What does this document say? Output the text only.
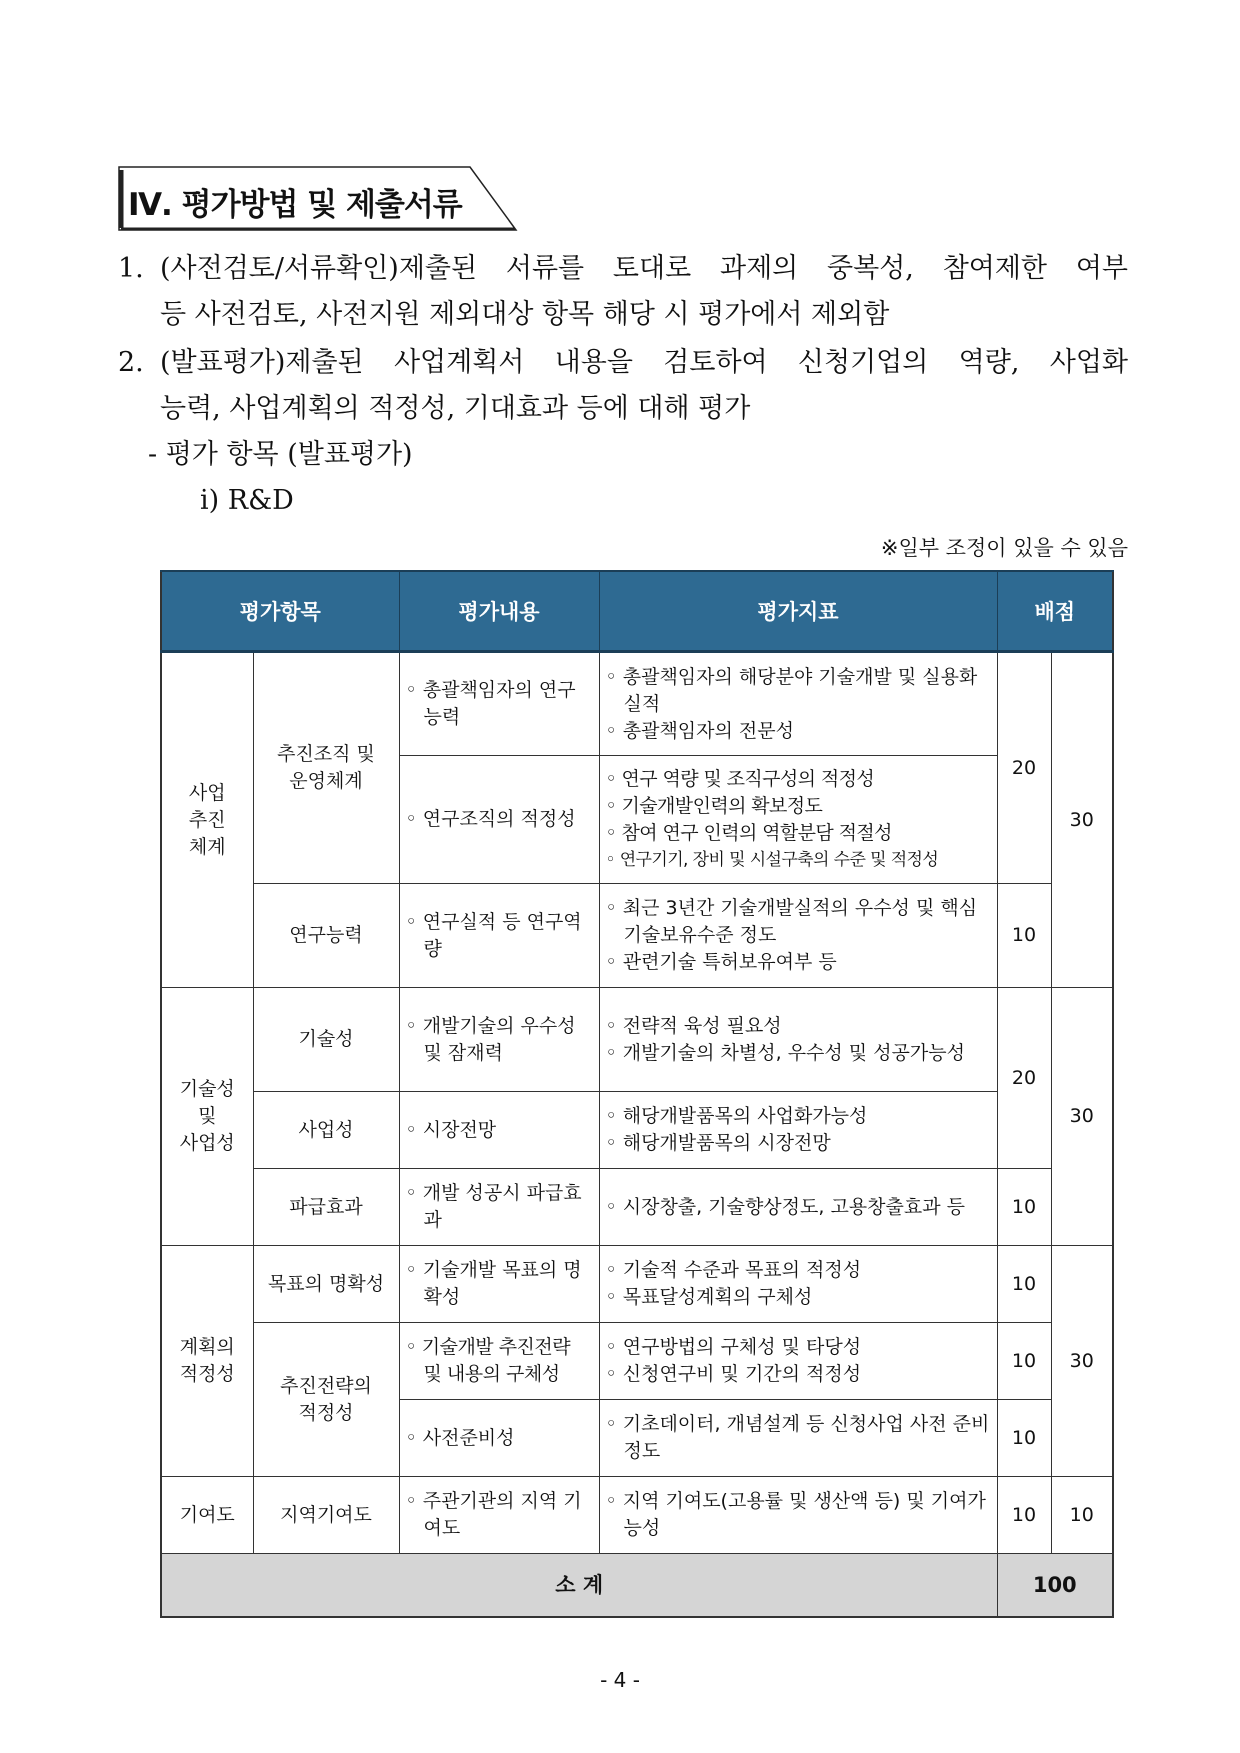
Ⅳ. 평가방법 및 제출서류
1. (사전검토/서류확인)제출된 서류를 토대로 과제의 중복성, 참여제한 여부
등 사전검토, 사전지원 제외대상 항목 해당 시 평가에서 제외함
2. (발표평가)제출된 사업계획서 내용을 검토하여 신청기업의 역량, 사업화
능력, 사업계획의 적정성, 기대효과 등에 대해 평가
- 평가 항목 (발표평가)
ⅰ) R&D
※일부 조정이 있을 수 있음
평가항목		평가내용	평가지표	배점	

사업
추진
체계	추진조직 및
운영체계	◦ 총괄책임자의 연구능력	◦ 총괄책임자의 해당분야 기술개발 및 실용화실적
◦ 총괄책임자의 전문성	20	30

		◦ 연구조직의 적정성	◦ 연구 역량 및 조직구성의 적정성
◦ 기술개발인력의 확보정도
◦ 참여 연구 인력의 역할분담 적절성
◦ 연구기기, 장비 및 시설구축의 수준 및 적정성

	연구능력	◦ 연구실적 등 연구역량	◦ 최근 3년간 기술개발실적의 우수성 및 핵심기술보유수준 정도
◦ 관련기술 특허보유여부 등	10	

기술성
및
사업성	기술성	◦ 개발기술의 우수성 및 잠재력	◦ 전략적 육성 필요성
◦ 개발기술의 차별성, 우수성 및 성공가능성	20	30
	사업성	◦ 시장전망	◦ 해당개발품목의 사업화가능성
◦ 해당개발품목의 시장전망

	파급효과	◦ 개발 성공시 파급효과	◦ 시장창출, 기술향상정도, 고용창출효과 등	10	

계획의
적정성	목표의 명확성	◦ 기술개발 목표의 명확성	◦ 기술적 수준과 목표의 적정성
◦ 목표달성계획의 구체성	10	30

	추진전략의
적정성	◦ 기술개발 추진전략 및 내용의 구체성	◦ 연구방법의 구체성 및 타당성
◦ 신청연구비 및 기간의 적정성	10	

		◦ 사전준비성	◦ 기초데이터, 개념설계 등 신청사업 사전 준비정도	10	

기여도	지역기여도	◦ 주관기관의 지역 기여도	◦ 지역 기여도(고용률 및 생산액 등) 및 기여가능성	10	10
소 계				100	
- 4 -
